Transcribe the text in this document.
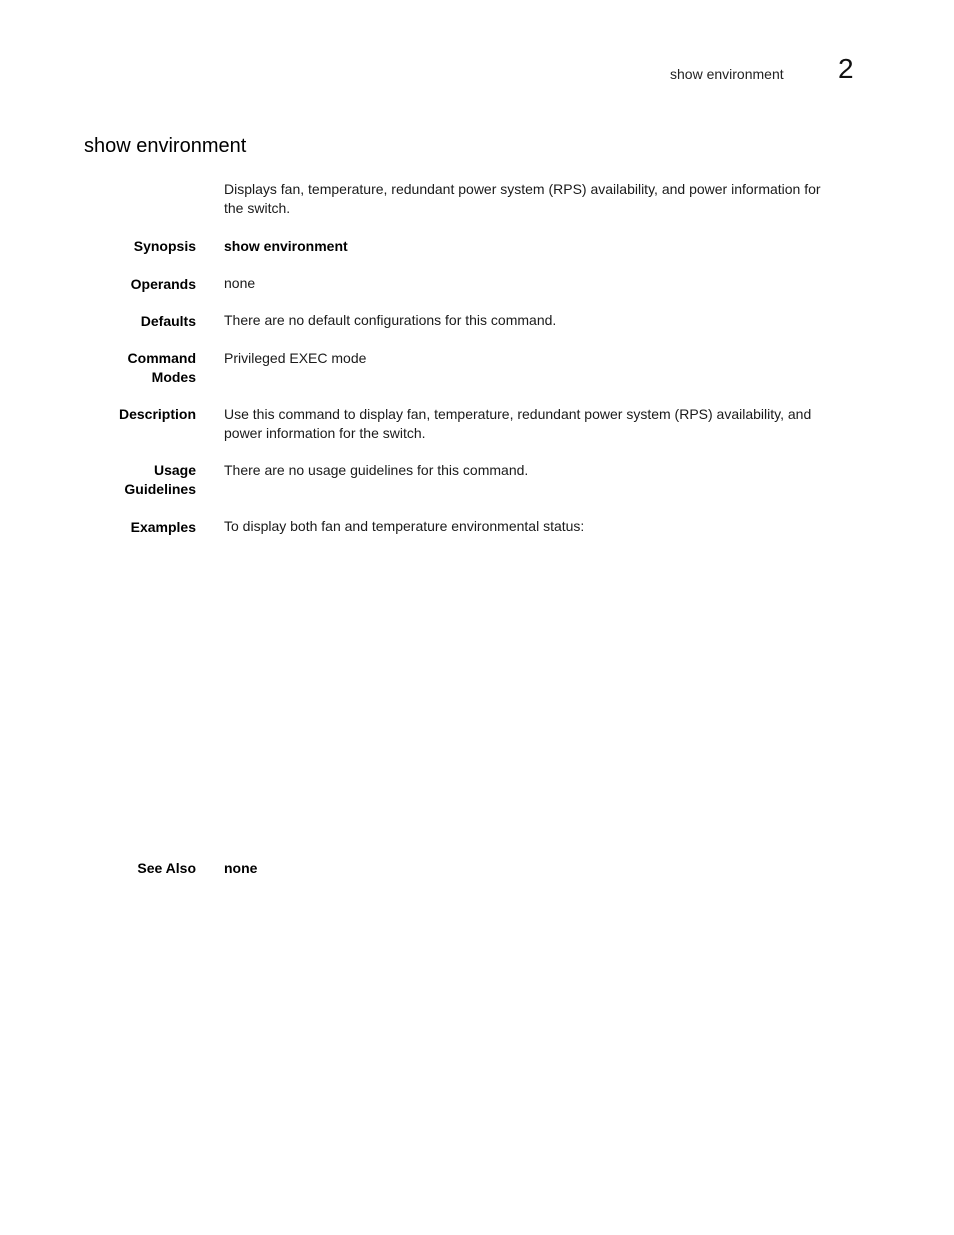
show environment 2
show environment
Displays fan, temperature, redundant power system (RPS) availability, and power information for
the switch.
Synopsis show environment
Operands none
Defaults There are no default configurations for this command.
Command
Modes
Privileged EXEC mode
Description Use this command to display fan, temperature, redundant power system (RPS) availability, and
power information for the switch.
Usage
Guidelines
There are no usage guidelines for this command.
Examples To display both fan and temperature environmental status:
See Also none
